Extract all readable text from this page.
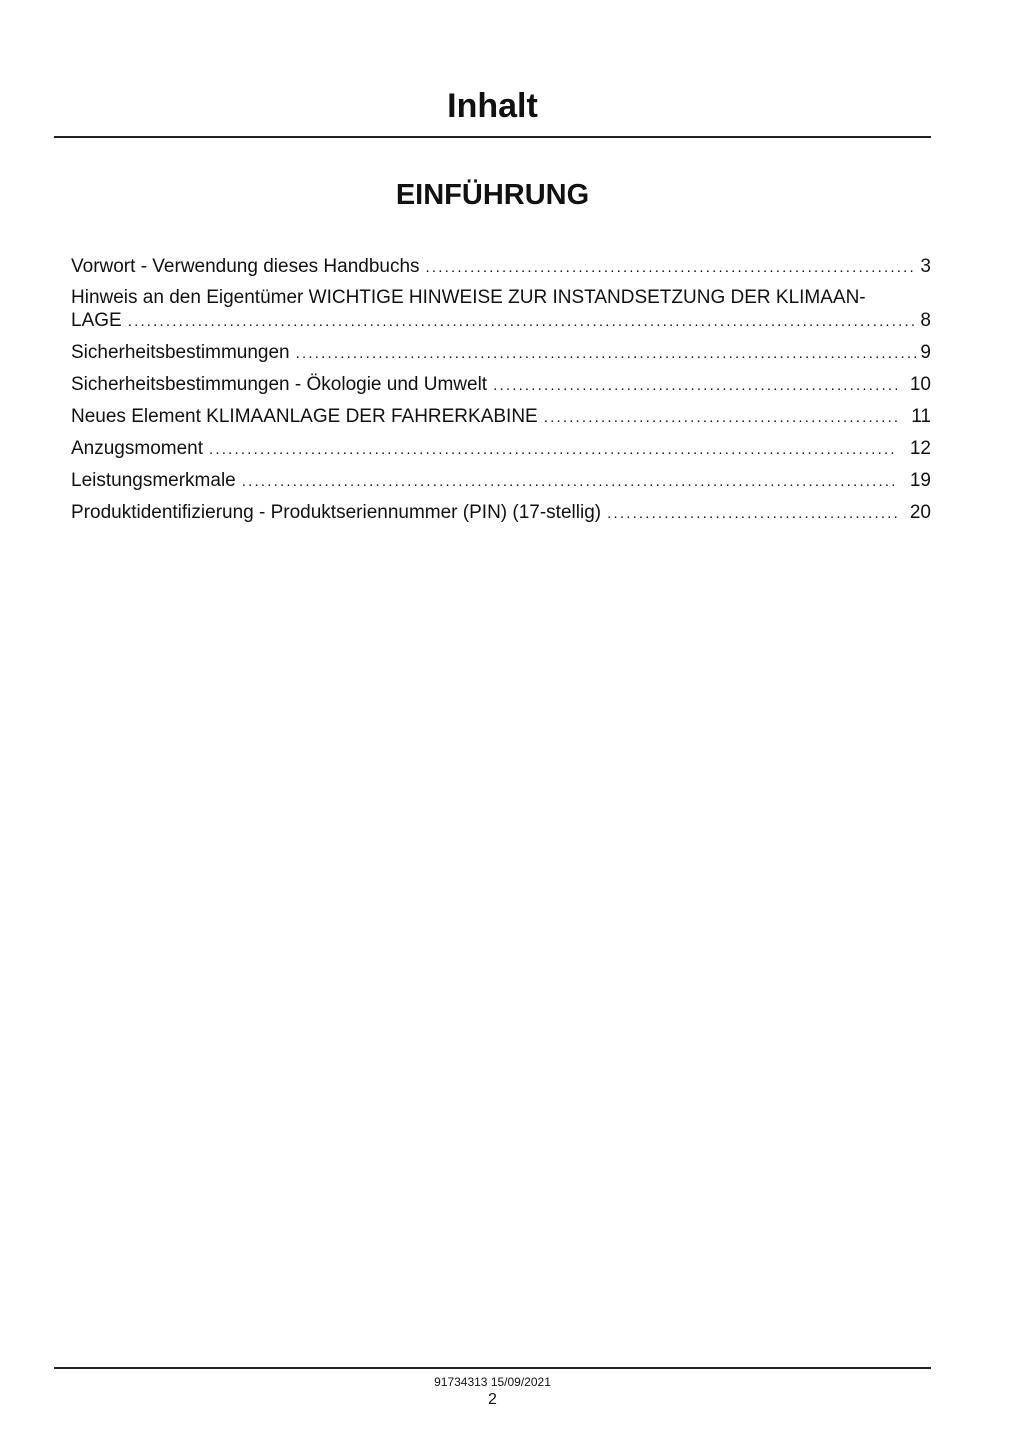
Inhalt
EINFÜHRUNG
Vorwort - Verwendung dieses Handbuchs .....	3
Hinweis an den Eigentümer WICHTIGE HINWEISE ZUR INSTANDSETZUNG DER KLIMAAN-
LAGE .....	8
Sicherheitsbestimmungen .....	9
Sicherheitsbestimmungen - Ökologie und Umwelt .....	10
Neues Element KLIMAANLAGE DER FAHRERKABINE .....	11
Anzugsmoment .....	12
Leistungsmerkmale .....	19
Produktidentifizierung - Produktseriennummer (PIN) (17-stellig) .....	20
91734313 15/09/2021
2
